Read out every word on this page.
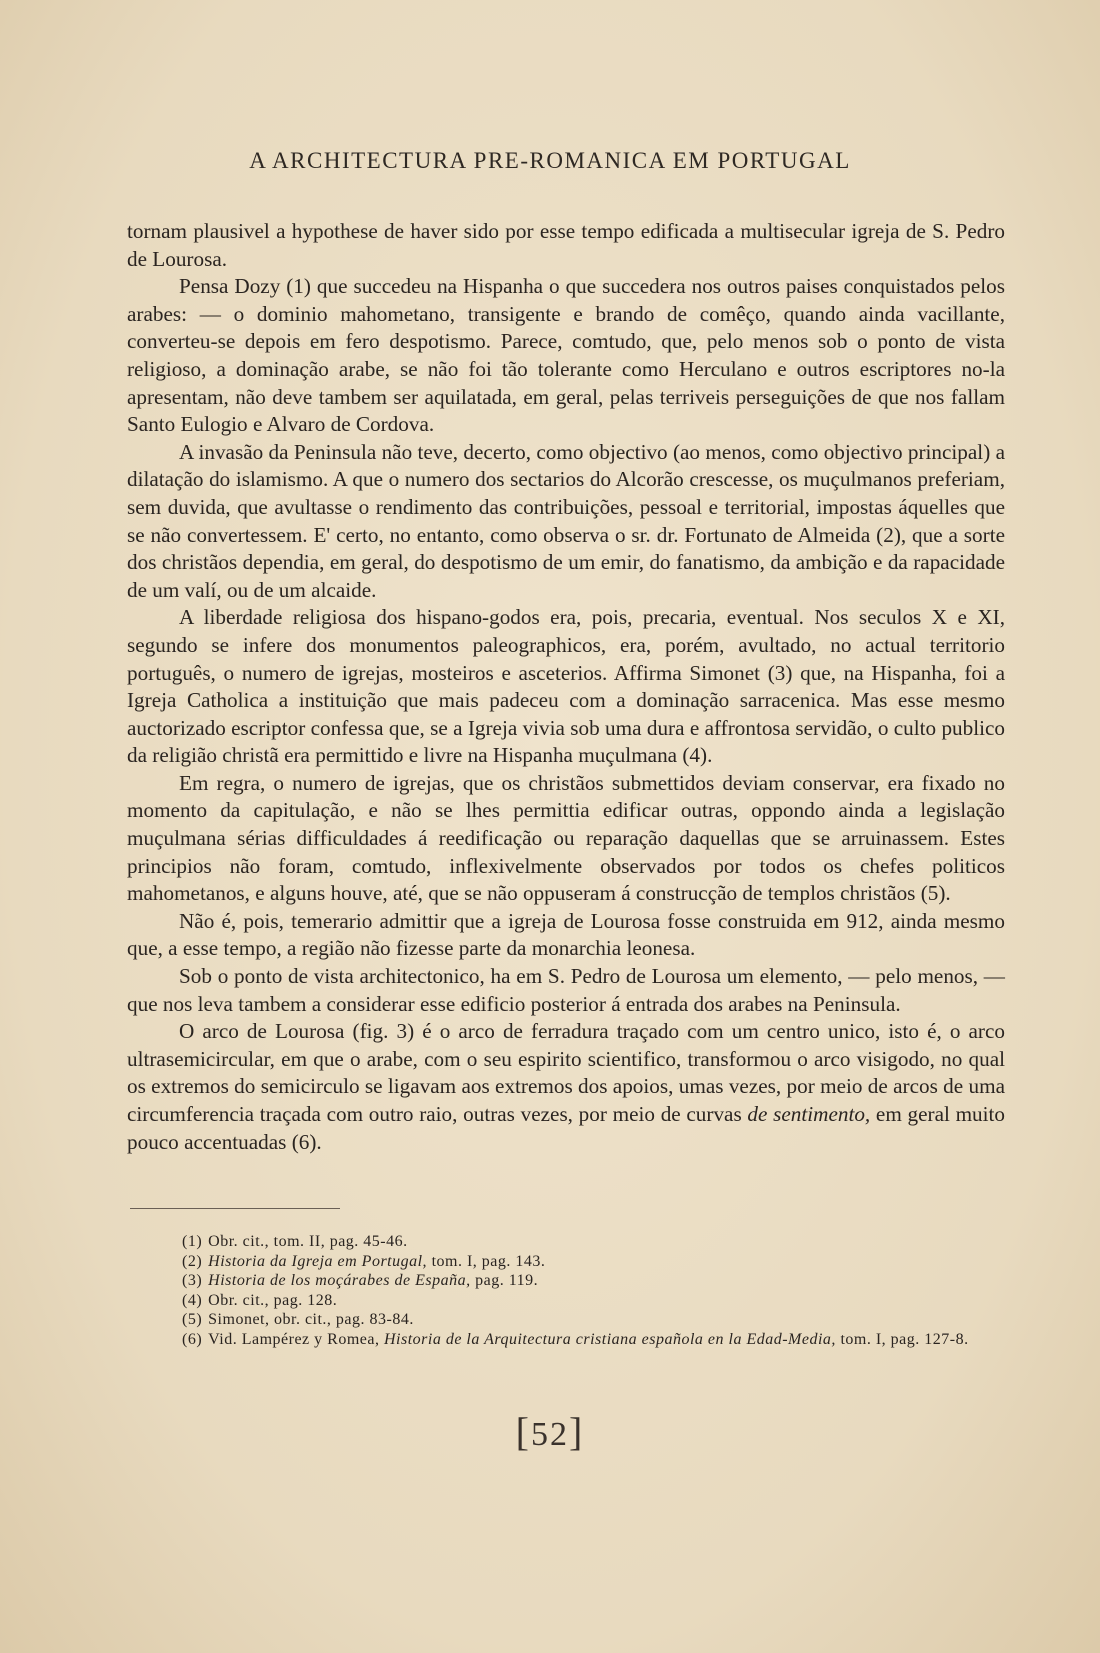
A ARCHITECTURA PRE-ROMANICA EM PORTUGAL

tornam plausivel a hypothese de haver sido por esse tempo edificada a multisecular igreja de S. Pedro de Lourosa.

Pensa Dozy (1) que succedeu na Hispanha o que succedera nos outros paises conquistados pelos arabes: — o dominio mahometano, transigente e brando de comêço, quando ainda vacillante, converteu-se depois em fero despotismo. Parece, comtudo, que, pelo menos sob o ponto de vista religioso, a dominação arabe, se não foi tão tolerante como Herculano e outros escriptores no-la apresentam, não deve tambem ser aquilatada, em geral, pelas terriveis perseguições de que nos fallam Santo Eulogio e Alvaro de Cordova.

A invasão da Peninsula não teve, decerto, como objectivo (ao menos, como objectivo principal) a dilatação do islamismo. A que o numero dos sectarios do Alcorão crescesse, os muçulmanos preferiam, sem duvida, que avultasse o rendimento das contribuições, pessoal e territorial, impostas áquelles que se não convertessem. E' certo, no entanto, como observa o sr. dr. Fortunato de Almeida (2), que a sorte dos christãos dependia, em geral, do despotismo de um emir, do fanatismo, da ambição e da rapacidade de um valí, ou de um alcaide.

A liberdade religiosa dos hispano-godos era, pois, precaria, eventual. Nos seculos X e XI, segundo se infere dos monumentos paleographicos, era, porém, avultado, no actual territorio português, o numero de igrejas, mosteiros e asceterios. Affirma Simonet (3) que, na Hispanha, foi a Igreja Catholica a instituição que mais padeceu com a dominação sarracenica. Mas esse mesmo auctorizado escriptor confessa que, se a Igreja vivia sob uma dura e affrontosa servidão, o culto publico da religião christã era permittido e livre na Hispanha muçulmana (4).

Em regra, o numero de igrejas, que os christãos submettidos deviam conservar, era fixado no momento da capitulação, e não se lhes permittia edificar outras, oppondo ainda a legislação muçulmana sérias difficuldades á reedificação ou reparação daquellas que se arruinassem. Estes principios não foram, comtudo, inflexivelmente observados por todos os chefes politicos mahometanos, e alguns houve, até, que se não oppuseram á construcção de templos christãos (5).

Não é, pois, temerario admittir que a igreja de Lourosa fosse construida em 912, ainda mesmo que, a esse tempo, a região não fizesse parte da monarchia leonesa.

Sob o ponto de vista architectonico, ha em S. Pedro de Lourosa um elemento, — pelo menos, — que nos leva tambem a considerar esse edificio posterior á entrada dos arabes na Peninsula.

O arco de Lourosa (fig. 3) é o arco de ferradura traçado com um centro unico, isto é, o arco ultrasemicircular, em que o arabe, com o seu espirito scientifico, transformou o arco visigodo, no qual os extremos do semicirculo se ligavam aos extremos dos apoios, umas vezes, por meio de arcos de uma circumferencia traçada com outro raio, outras vezes, por meio de curvas de sentimento, em geral muito pouco accentuadas (6).

(1) Obr. cit., tom. II, pag. 45-46.
(2) Historia da Igreja em Portugal, tom. I, pag. 143.
(3) Historia de los moçárabes de España, pag. 119.
(4) Obr. cit., pag. 128.
(5) Simonet, obr. cit., pag. 83-84.
(6) Vid. Lampérez y Romea, Historia de la Arquitectura cristiana española en la Edad-Media, tom. I, pag. 127-8.
[52]
